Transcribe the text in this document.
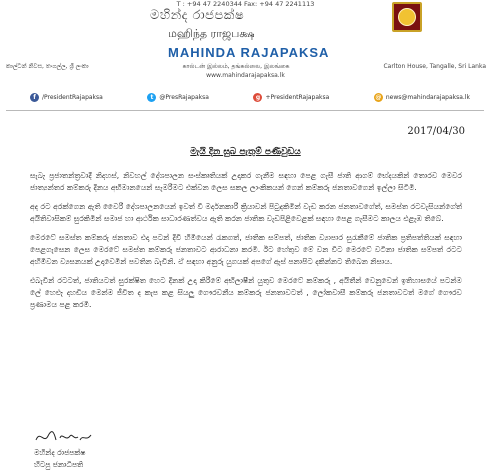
T : +94 47 2240344 Fax: +94 47 2241113
මහින්ද රාජපක්ෂ
மஹிந்த ராஜபக்ஷ
MAHINDA RAJAPAKSA
කාල්ටන් නිවස, තංගල්ල, ශ්‍රී ලංකා	கால்டன் இல்லம், தங்கல்லை, இலங்கை	Carlton House, Tangalle, Sri Lanka
www.mahindarajapaksa.lk
f	/PresidentRajapaksa	t	@PresRajapaksa	g +PresidentRajapaksa	@ news@mahindarajapaksa.lk
2017/04/30
මැයි දින සුබ පැතුම් පණිවුඩය

සැබෑ ප්‍රජාතන්ත්‍රවාදී නිදහස්, නිවහල් දේශපාලන සංස්කෘතියක් උදාකර ගැනීම සඳහා පෙළ ගැසී ජාති ආගම් භේදයකින් තොරව මෙවර ජාත්‍යන්තර කම්කරු දිනය අභිමානයෙන් සැමරීමට එක්වන ලෙස සකල ලාංකිකයන් ගෙන් කම්කරු ජනතාවගෙන් ඉල්ලා සිටිමි.

අද රට අරක්ගෙන ඇති වෛරී දේශපාලනයෙන් ඉවත් වී මර්දනකාරී ක්‍රියාවන් පිටුදකිමින් වැඩ කරන ජනතාවගේත්, සමස්ත රටවැසියන්ගේත් අයිතිවාසිකම් සුරකිමින් සමාජ හා ආර්ථික සාධාරණත්වය ඇති කරන ජාතික වැඩපිළිවෙළක් සඳහා පෙළ ගැසීමට කාලය එළැඹ තිබේ.

මෙරටේ සමස්ත කම්කරු ජනතාව එදා පටන් දිවි හිමියෙන් රැකගත්, ජාතික සම්පත්, ජාතික ව්‍යාපාර සුරැකීමේ ජාතික ප්‍රතිපත්තියක් සඳහා පෙළගැසෙන ලෙස මෙරටේ සමස්ත කම්කරු ජනතාවට ආරාධනා කරමි. ඊට හේතුව මේ වන විට මෙරටේ වටිනා ජාතික සම්පත් රටට අහිමිවන ව්‍යසනයක් උදාවෙමින් පවතින බැවිනි. ඒ සඳහා අනුරු යුගයක් අපගේ ඇස් පනාපිට දකින්නට තිබෙන නිසාය.

එබැවින් රටටත්, ජාතියටත් සුරක්ෂිත හෙට දිනක් උදා කිරීමේ අභිලාෂීන් යුතුව මෙරටේ කම්කරු , අයිතීන් වෙනුවෙන් ඉතිහාසයේ පටන්ම ලේ හෙළූ දහඩිය මෙන්ම ජීවිත ද කැප කළ සියලු ගෞරවනීය කම්කරු ජනතාවටත් , ලෝකවාසී කම්කරු ජනතාවටත් මගේ ගෞරව ප්‍රණාමය පළ කරමි.

මහින්ද රාජපක්ෂ
හිටපු ජනාධිපති
